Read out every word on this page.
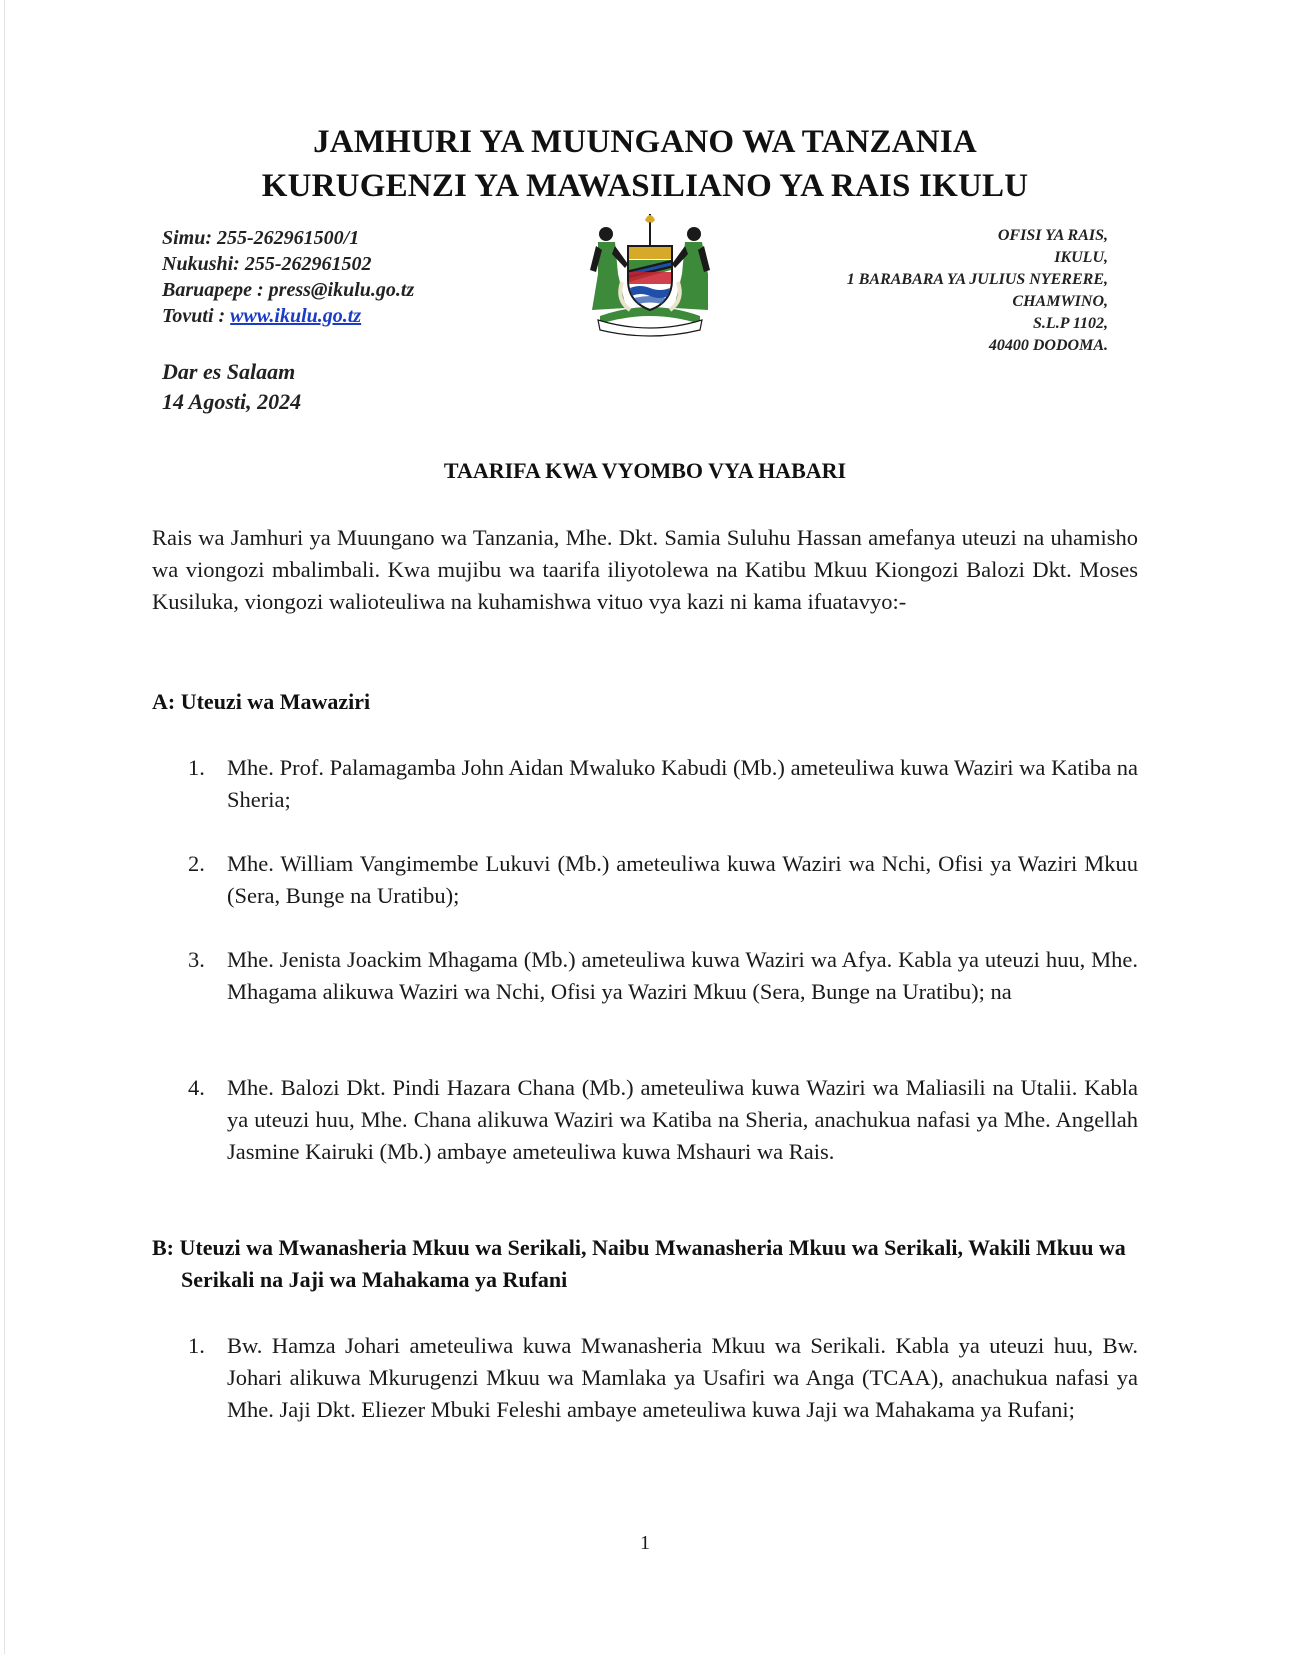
JAMHURI YA MUUNGANO WA TANZANIA
KURUGENZI YA MAWASILIANO YA RAIS IKULU
Simu: 255-262961500/1
Nukushi: 255-262961502
Baruapepe : press@ikulu.go.tz
Tovuti : www.ikulu.go.tz
OFISI YA RAIS,
IKULU,
1 BARABARA YA JULIUS NYERERE,
CHAMWINO,
S.L.P 1102,
40400 DODOMA.
Dar es Salaam
14 Agosti, 2024
TAARIFA KWA VYOMBO VYA HABARI
Rais wa Jamhuri ya Muungano wa Tanzania, Mhe. Dkt. Samia Suluhu Hassan amefanya uteuzi na uhamisho wa viongozi mbalimbali. Kwa mujibu wa taarifa iliyotolewa na Katibu Mkuu Kiongozi Balozi Dkt. Moses Kusiluka, viongozi walioteuliwa na kuhamishwa vituo vya kazi ni kama ifuatavyo:-
A: Uteuzi wa Mawaziri
1. Mhe. Prof. Palamagamba John Aidan Mwaluko Kabudi (Mb.) ameteuliwa kuwa Waziri wa Katiba na Sheria;
2. Mhe. William Vangimembe Lukuvi (Mb.) ameteuliwa kuwa Waziri wa Nchi, Ofisi ya Waziri Mkuu (Sera, Bunge na Uratibu);
3. Mhe. Jenista Joackim Mhagama (Mb.) ameteuliwa kuwa Waziri wa Afya. Kabla ya uteuzi huu, Mhe. Mhagama alikuwa Waziri wa Nchi, Ofisi ya Waziri Mkuu (Sera, Bunge na Uratibu); na
4. Mhe. Balozi Dkt. Pindi Hazara Chana (Mb.) ameteuliwa kuwa Waziri wa Maliasili na Utalii. Kabla ya uteuzi huu, Mhe. Chana alikuwa Waziri wa Katiba na Sheria, anachukua nafasi ya Mhe. Angellah Jasmine Kairuki (Mb.) ambaye ameteuliwa kuwa Mshauri wa Rais.
B: Uteuzi wa Mwanasheria Mkuu wa Serikali, Naibu Mwanasheria Mkuu wa Serikali, Wakili Mkuu wa Serikali na Jaji wa Mahakama ya Rufani
1. Bw. Hamza Johari ameteuliwa kuwa Mwanasheria Mkuu wa Serikali. Kabla ya uteuzi huu, Bw. Johari alikuwa Mkurugenzi Mkuu wa Mamlaka ya Usafiri wa Anga (TCAA), anachukua nafasi ya Mhe. Jaji Dkt. Eliezer Mbuki Feleshi ambaye ameteuliwa kuwa Jaji wa Mahakama ya Rufani;
1
